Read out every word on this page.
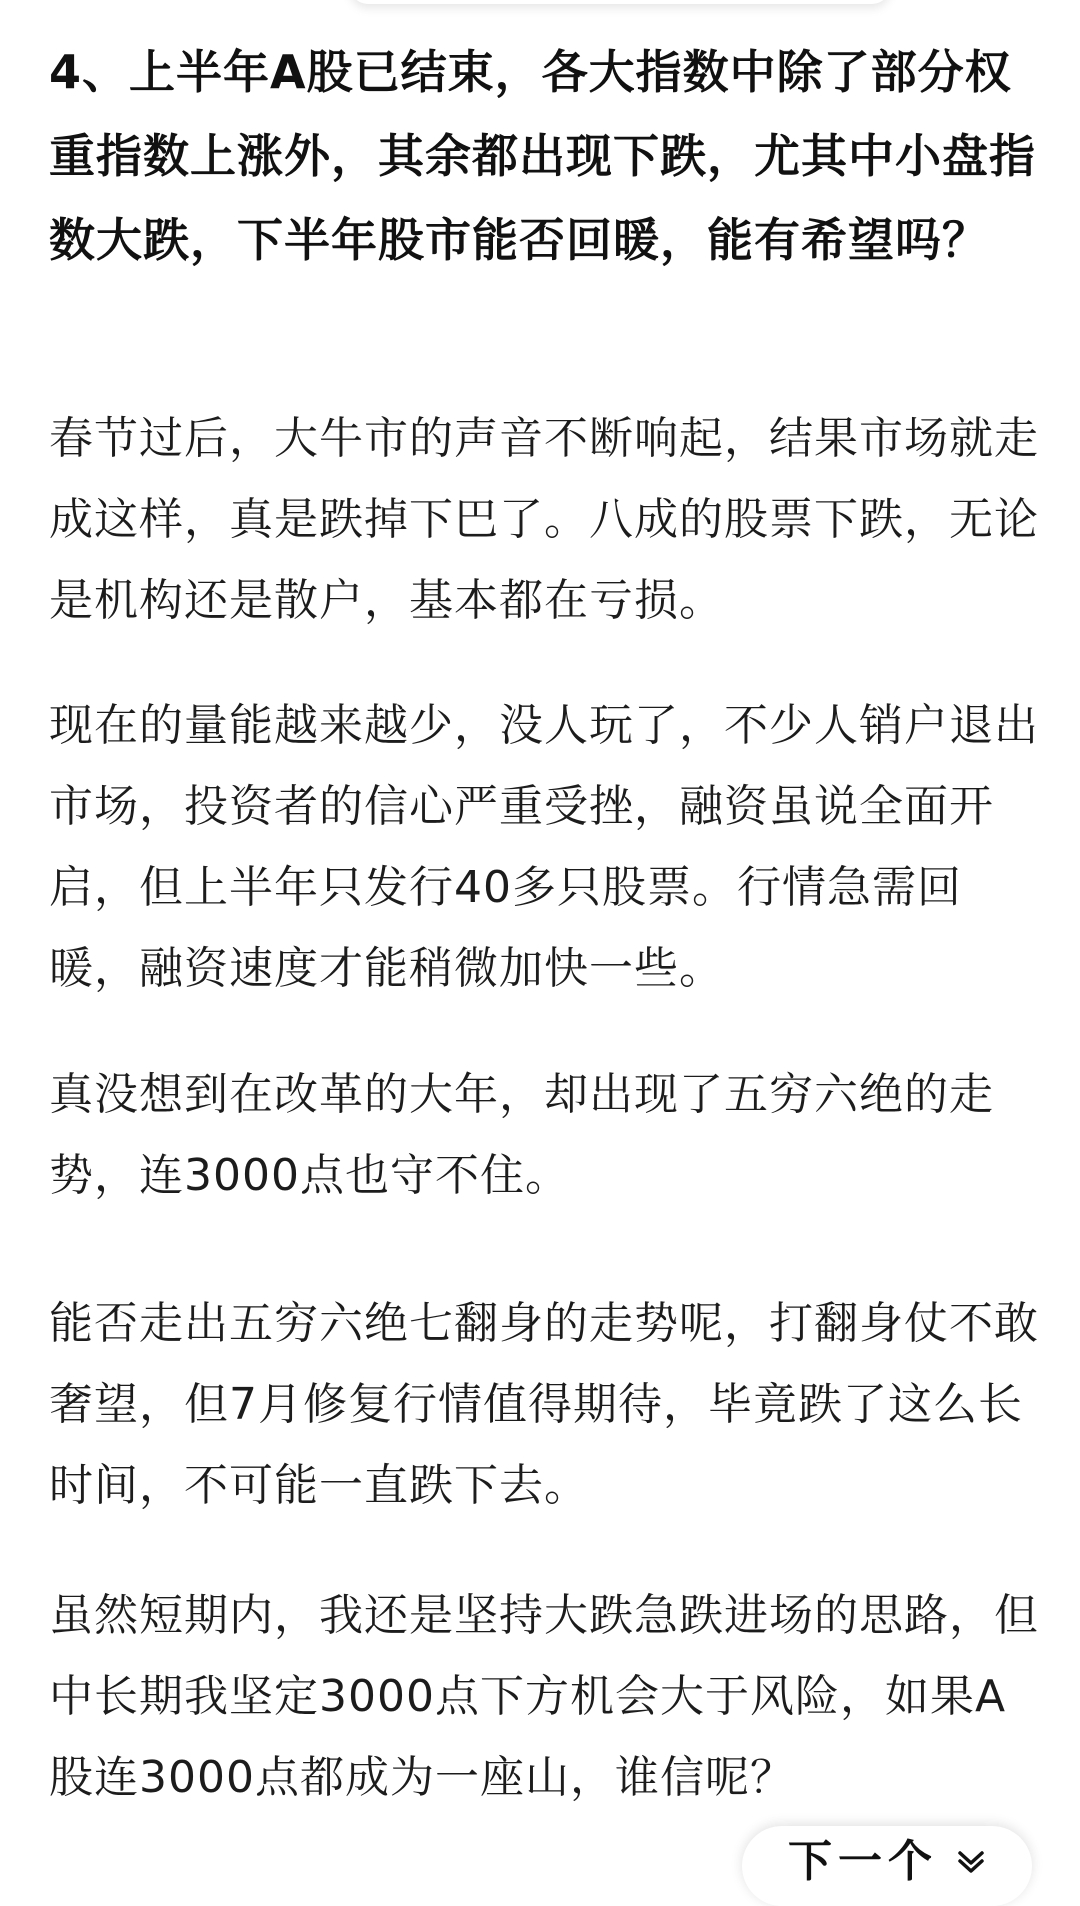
4、上半年A股已结束，各大指数中除了部分权重指数上涨外，其余都出现下跌，尤其中小盘指数大跌，下半年股市能否回暖，能有希望吗？

春节过后，大牛市的声音不断响起，结果市场就走成这样，真是跌掉下巴了。八成的股票下跌，无论是机构还是散户，基本都在亏损。

现在的量能越来越少，没人玩了，不少人销户退出市场，投资者的信心严重受挫，融资虽说全面开启，但上半年只发行40多只股票。行情急需回暖，融资速度才能稍微加快一些。

真没想到在改革的大年，却出现了五穷六绝的走势，连3000点也守不住。

能否走出五穷六绝七翻身的走势呢，打翻身仗不敢奢望，但7月修复行情值得期待，毕竟跌了这么长时间，不可能一直跌下去。

虽然短期内，我还是坚持大跌急跌进场的思路，但中长期我坚定3000点下方机会大于风险，如果A股连3000点都成为一座山，谁信呢？

下一个
